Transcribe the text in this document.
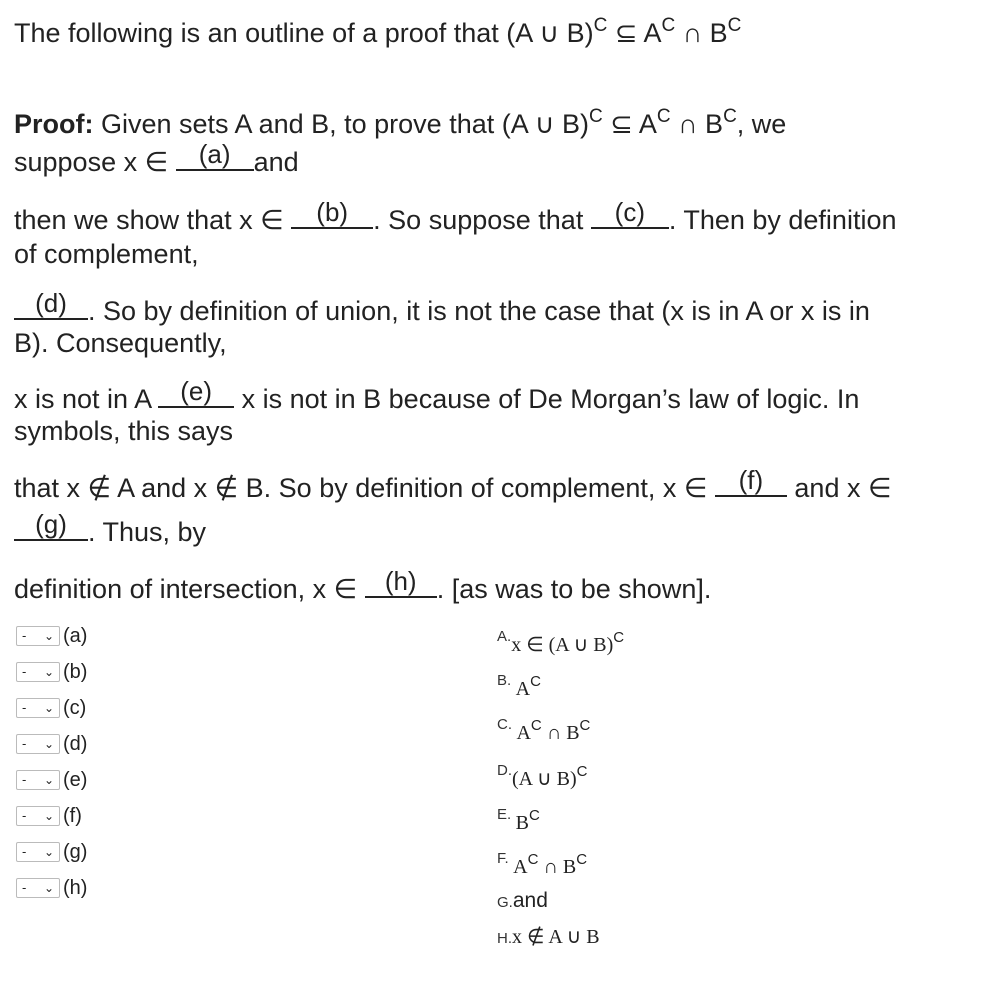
The following is an outline of a proof that (A ∪ B)$^C$ ⊆ $A^C$ ∩ $B^C$
Proof: Given sets A and B, to prove that (A ∪ B)$^C$ ⊆ $A^C$ ∩ $B^C$, we
suppose x ∈ (a) and
then we show that x ∈ (b) . So suppose that (c) . Then by definition
of complement,
(d) . So by definition of union, it is not the case that (x is in A or x is in
B). Consequently,
x is not in A (e) x is not in B because of De Morgan’s law of logic. In
symbols, this says
that x ∉ A and x ∉ B. So by definition of complement, x ∈ (f) and x ∈
(g) . Thus, by
definition of intersection, x ∈ (h) . [as was to be shown].
- ⌄ (a)
- ⌄ (b)
- ⌄ (c)
- ⌄ (d)
- ⌄ (e)
- ⌄ (f)
- ⌄ (g)
- ⌄ (h)
A.x ∈ (A ∪ B)C
B. AC
C. AC ∩ BC
D.(A ∪ B)C
E. BC
F. AC ∩ BC
G.and
H.x ∉ A ∪ B
